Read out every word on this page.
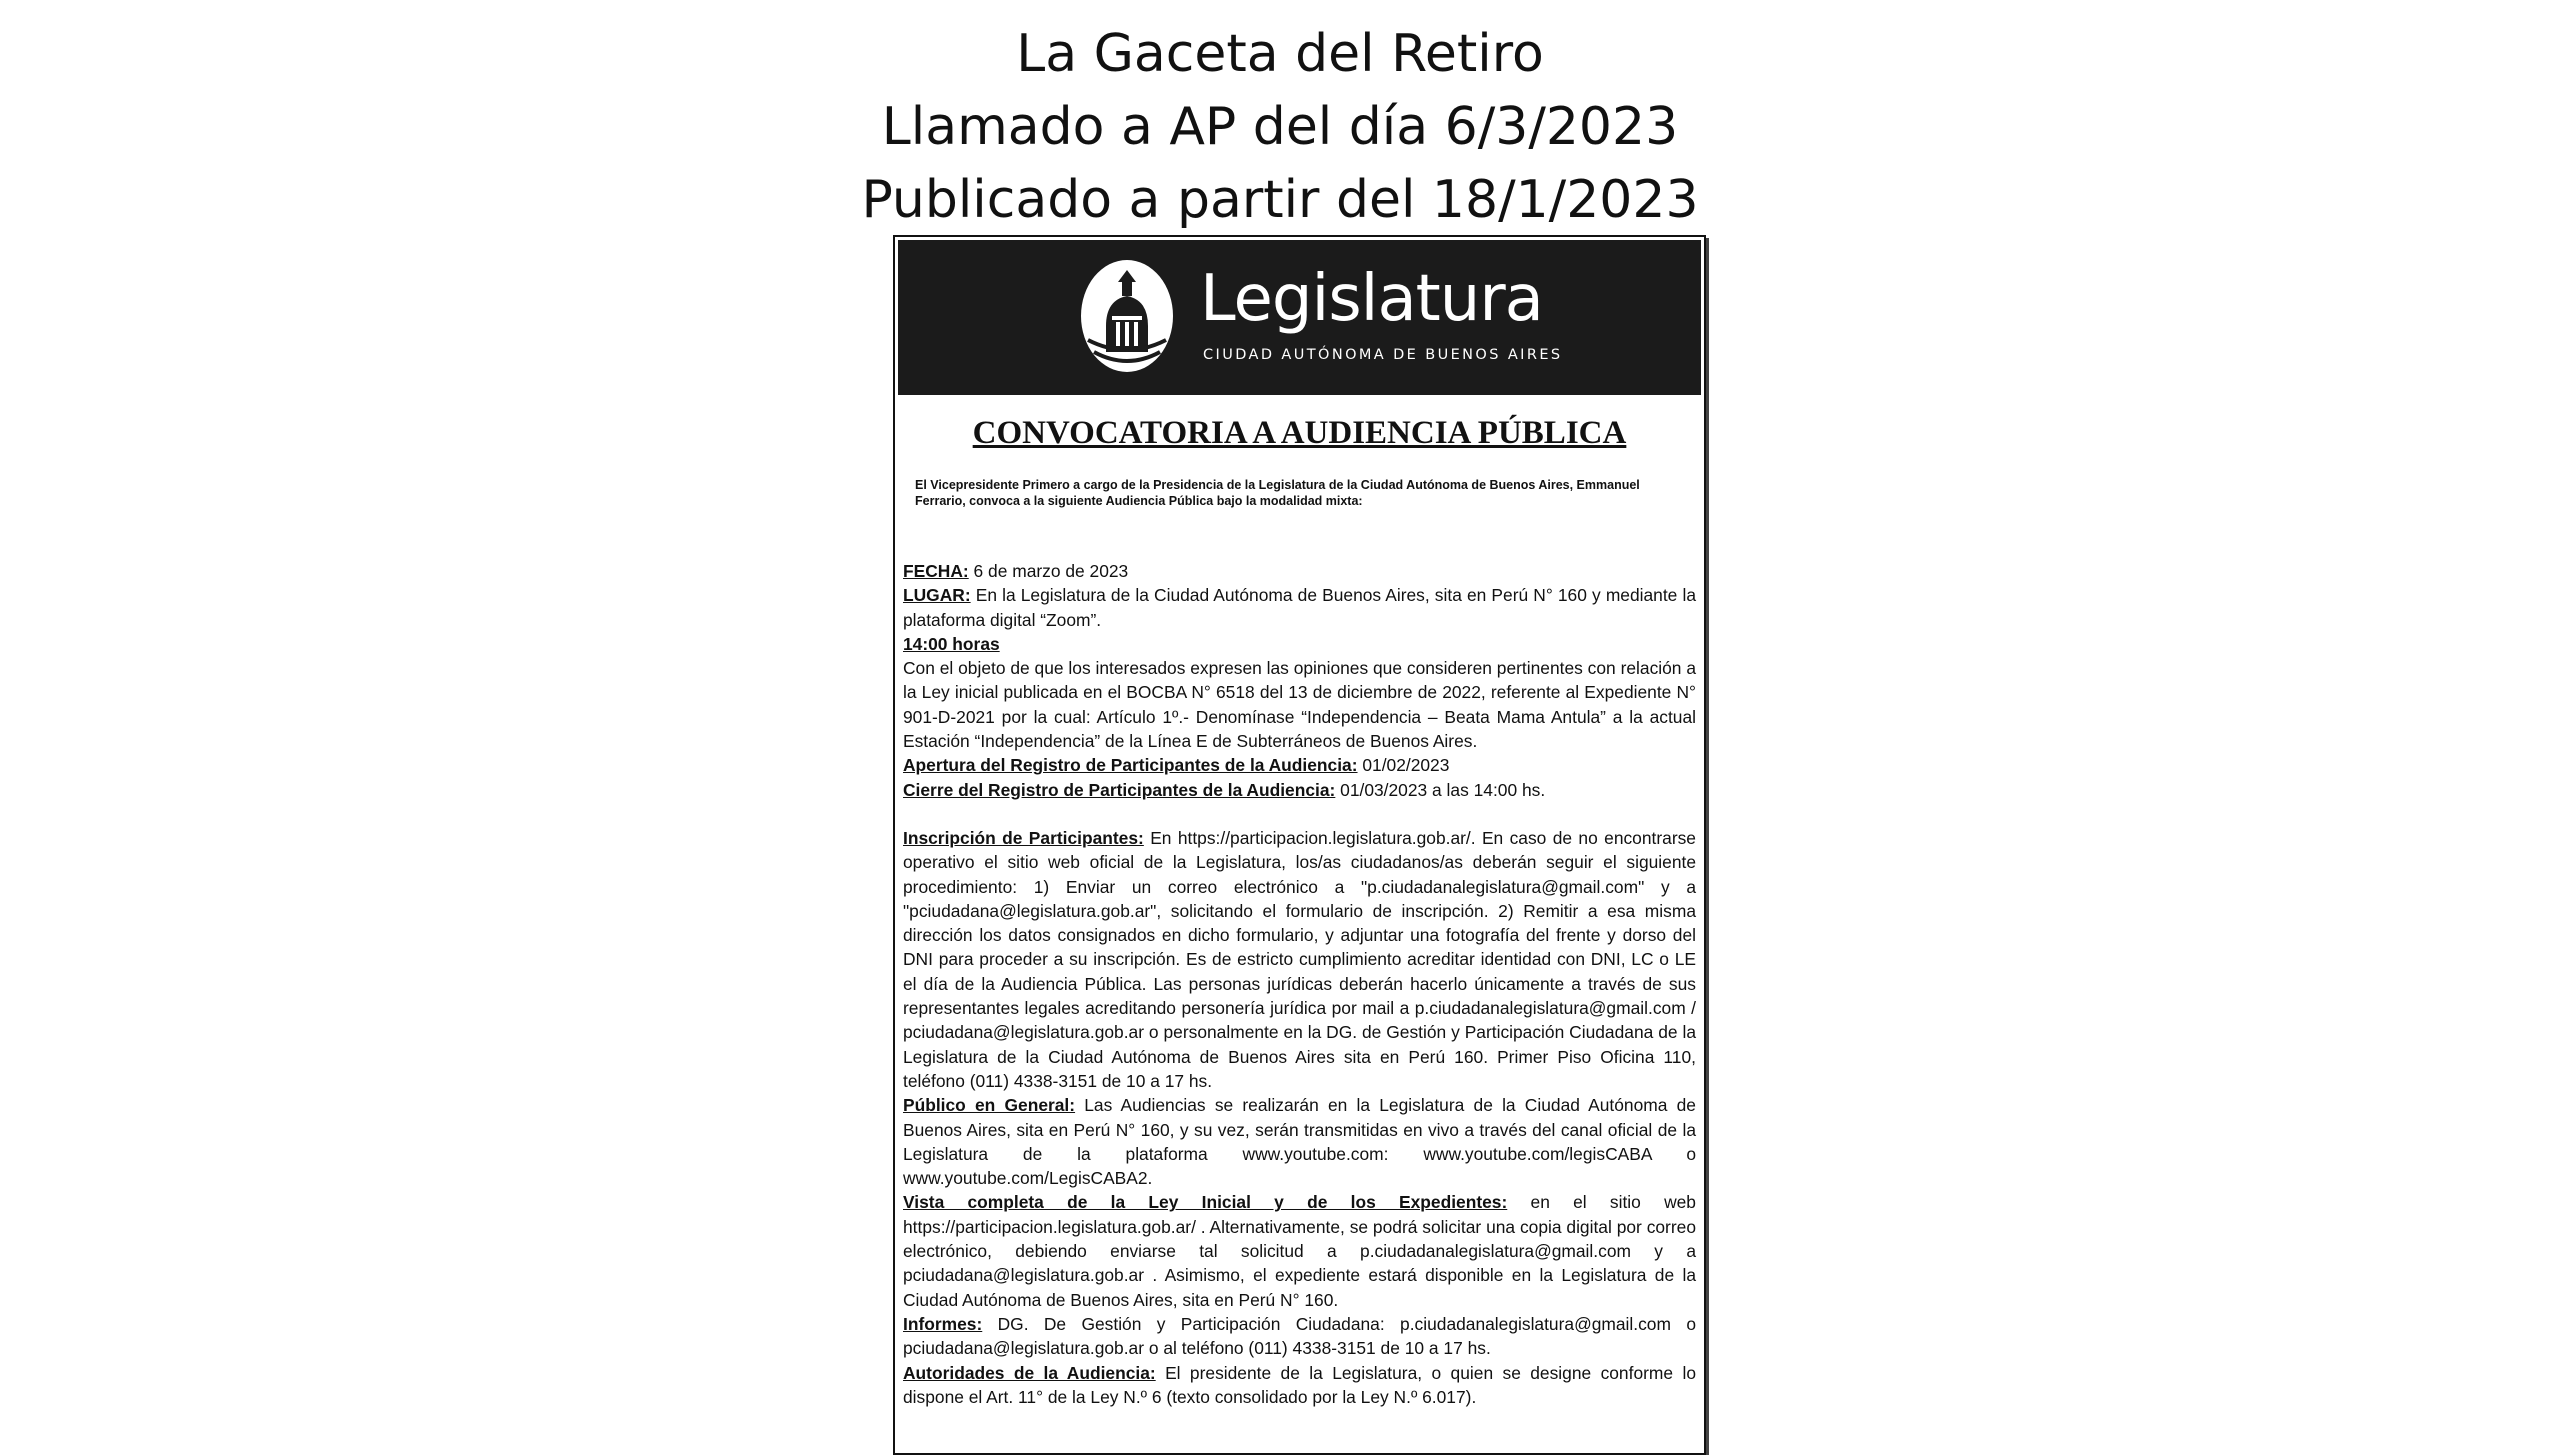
La Gaceta del Retiro
Llamado a AP del día 6/3/2023
Publicado a partir del 18/1/2023
Legislatura
CIUDAD AUTÓNOMA DE BUENOS AIRES
CONVOCATORIA A AUDIENCIA PÚBLICA
El Vicepresidente Primero a cargo de la Presidencia de la Legislatura de la Ciudad Autónoma de Buenos Aires, Emmanuel Ferrario, convoca a la siguiente Audiencia Pública bajo la modalidad mixta:

FECHA: 6 de marzo de 2023

LUGAR: En la Legislatura de la Ciudad Autónoma de Buenos Aires, sita en Perú N° 160 y mediante la plataforma digital “Zoom”.

14:00 horas

Con el objeto de que los interesados expresen las opiniones que consideren pertinentes con relación a la Ley inicial publicada en el BOCBA N° 6518 del 13 de diciembre de 2022, referente al Expediente N° 901-D-2021 por la cual: Artículo 1º.- Denomínase “Independencia – Beata Mama Antula” a la actual Estación “Independencia” de la Línea E de Subterráneos de Buenos Aires.

Apertura del Registro de Participantes de la Audiencia: 01/02/2023

Cierre del Registro de Participantes de la Audiencia: 01/03/2023 a las 14:00 hs.

Inscripción de Participantes: En https://participacion.legislatura.gob.ar/. En caso de no encontrarse operativo el sitio web oficial de la Legislatura, los/as ciudadanos/as deberán seguir el siguiente procedimiento: 1) Enviar un correo electrónico a "p.ciudadanalegislatura@gmail.com" y a "pciudadana@legislatura.gob.ar", solicitando el formulario de inscripción. 2) Remitir a esa misma dirección los datos consignados en dicho formulario, y adjuntar una fotografía del frente y dorso del DNI para proceder a su inscripción. Es de estricto cumplimiento acreditar identidad con DNI, LC o LE el día de la Audiencia Pública. Las personas jurídicas deberán hacerlo únicamente a través de sus representantes legales acreditando personería jurídica por mail a p.ciudadanalegislatura@gmail.com / pciudadana@legislatura.gob.ar o personalmente en la DG. de Gestión y Participación Ciudadana de la Legislatura de la Ciudad Autónoma de Buenos Aires sita en Perú 160. Primer Piso Oficina 110, teléfono (011) 4338-3151 de 10 a 17 hs.

Público en General: Las Audiencias se realizarán en la Legislatura de la Ciudad Autónoma de Buenos Aires, sita en Perú N° 160, y su vez, serán transmitidas en vivo a través del canal oficial de la Legislatura de la plataforma www.youtube.com: www.youtube.com/legisCABA o www.youtube.com/LegisCABA2.

Vista completa de la Ley Inicial y de los Expedientes: en el sitio web https://participacion.legislatura.gob.ar/ . Alternativamente, se podrá solicitar una copia digital por correo electrónico, debiendo enviarse tal solicitud a p.ciudadanalegislatura@gmail.com y a pciudadana@legislatura.gob.ar . Asimismo, el expediente estará disponible en la Legislatura de la Ciudad Autónoma de Buenos Aires, sita en Perú N° 160.

Informes: DG. De Gestión y Participación Ciudadana: p.ciudadanalegislatura@gmail.com o pciudadana@legislatura.gob.ar o al teléfono (011) 4338-3151 de 10 a 17 hs.

Autoridades de la Audiencia: El presidente de la Legislatura, o quien se designe conforme lo dispone el Art. 11° de la Ley N.º 6 (texto consolidado por la Ley N.º 6.017).
